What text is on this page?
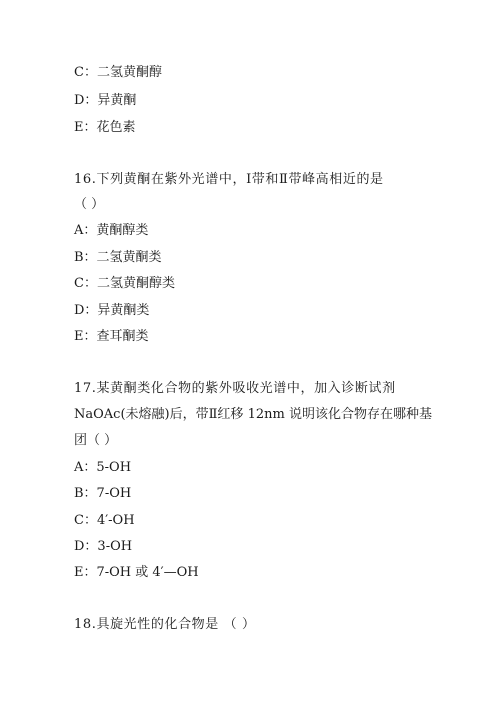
C：二氢黄酮醇
D：异黄酮
E：花色素
16.下列黄酮在紫外光谱中，Ⅰ带和Ⅱ带峰高相近的是
（ ）
A：黄酮醇类
B：二氢黄酮类
C：二氢黄酮醇类
D：异黄酮类
E：查耳酮类
17.某黄酮类化合物的紫外吸收光谱中，加入诊断试剂
NaOAc(未熔融)后，带Ⅱ红移 12nm 说明该化合物存在哪种基
团（ ）
A：5-OH
B：7-OH
C：4′-OH
D：3-OH
E：7-OH 或 4′—OH
18.具旋光性的化合物是 （ ）
